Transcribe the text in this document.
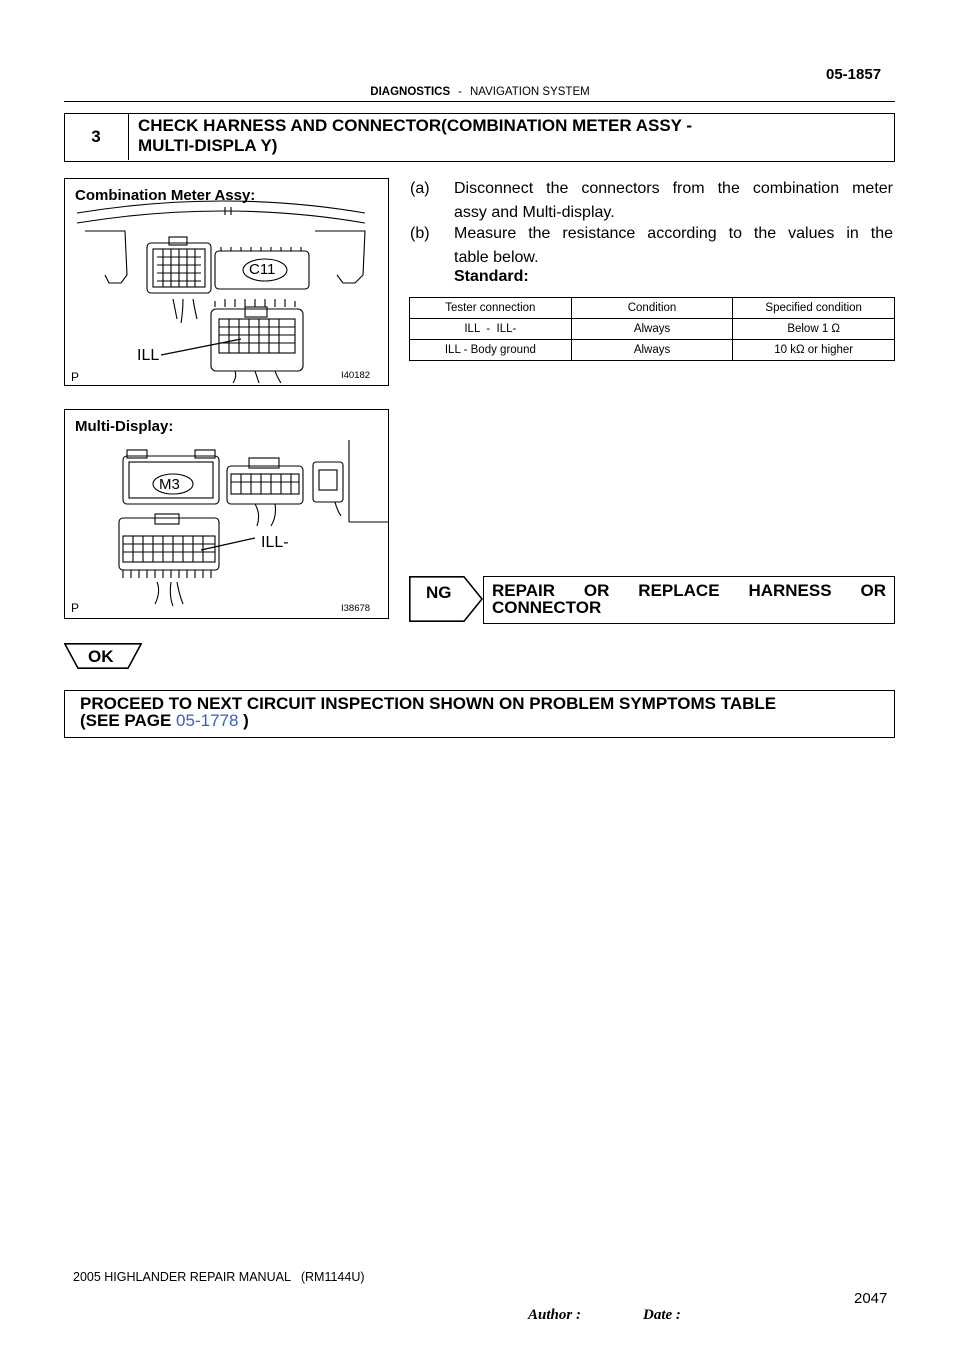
05-1857
DIAGNOSTICS - NAVIGATION SYSTEM
3
CHECK HARNESS AND CONNECTOR(COMBINATION METER ASSY -
MULTI-DISPLA Y)
Combination Meter Assy:
C11
ILL
P	I40182
Multi-Display:
M3
ILL-
P	I38678
(a) Disconnect the connectors from the combination meter
assy and Multi-display.
(b) Measure the resistance according to the values in the
table below.
Standard:
Tester connection	Condition	Specified condition
ILL  -  ILL-	Always	Below 1 Ω
ILL - Body ground	Always	10 kΩ or higher
NG REPAIR OR REPLACE HARNESS OR
CONNECTOR
OK
PROCEED TO NEXT CIRCUIT INSPECTION SHOWN ON PROBLEM SYMPTOMS TABLE
(SEE PAGE 05-1778 )
2005 HIGHLANDER REPAIR MANUAL   (RM1144U)
Author :	Date :
2047
